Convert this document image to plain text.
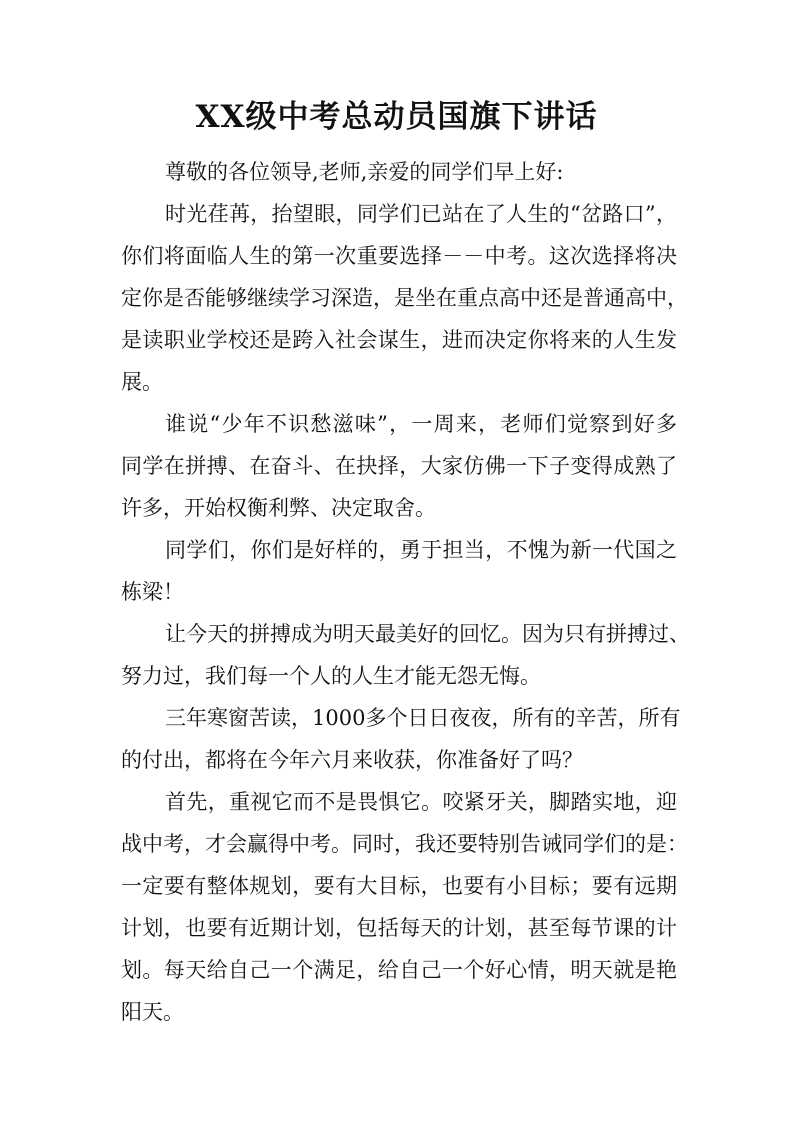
XX级中考总动员国旗下讲话
尊敬的各位领导,老师,亲爱的同学们早上好:
时光荏苒，抬望眼，同学们已站在了人生的“岔路口”，
你们将面临人生的第一次重要选择－－中考。这次选择将决
定你是否能够继续学习深造，是坐在重点高中还是普通高中，
是读职业学校还是跨入社会谋生，进而决定你将来的人生发
展。
谁说“少年不识愁滋味”，一周来，老师们觉察到好多
同学在拼搏、在奋斗、在抉择，大家仿佛一下子变得成熟了
许多，开始权衡利弊、决定取舍。
同学们，你们是好样的，勇于担当，不愧为新一代国之
栋梁！
让今天的拼搏成为明天最美好的回忆。因为只有拼搏过、
努力过，我们每一个人的人生才能无怨无悔。
三年寒窗苦读，1000多个日日夜夜，所有的辛苦，所有
的付出，都将在今年六月来收获，你准备好了吗？
首先，重视它而不是畏惧它。咬紧牙关，脚踏实地，迎
战中考，才会赢得中考。同时，我还要特别告诫同学们的是：
一定要有整体规划，要有大目标，也要有小目标；要有远期
计划，也要有近期计划，包括每天的计划，甚至每节课的计
划。每天给自己一个满足，给自己一个好心情，明天就是艳
阳天。
